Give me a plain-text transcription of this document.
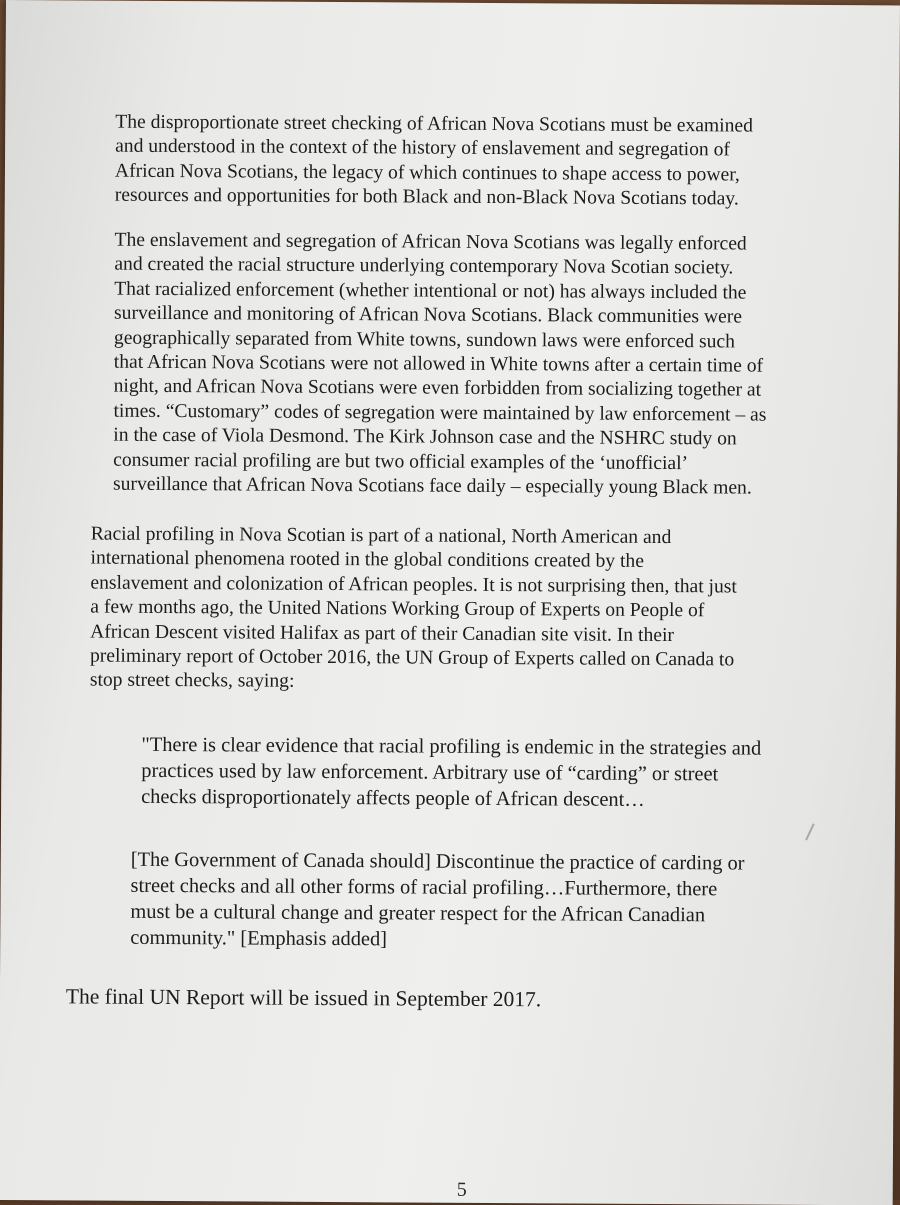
The disproportionate street checking of African Nova Scotians must be examined
and understood in the context of the history of enslavement and segregation of
African Nova Scotians, the legacy of which continues to shape access to power,
resources and opportunities for both Black and non-Black Nova Scotians today.
The enslavement and segregation of African Nova Scotians was legally enforced
and created the racial structure underlying contemporary Nova Scotian society.
That racialized enforcement (whether intentional or not) has always included the
surveillance and monitoring of African Nova Scotians. Black communities were
geographically separated from White towns, sundown laws were enforced such
that African Nova Scotians were not allowed in White towns after a certain time of
night, and African Nova Scotians were even forbidden from socializing together at
times. “Customary” codes of segregation were maintained by law enforcement – as
in the case of Viola Desmond. The Kirk Johnson case and the NSHRC study on
consumer racial profiling are but two official examples of the ‘unofficial’
surveillance that African Nova Scotians face daily – especially young Black men.
Racial profiling in Nova Scotian is part of a national, North American and
international phenomena rooted in the global conditions created by the
enslavement and colonization of African peoples. It is not surprising then, that just
a few months ago, the United Nations Working Group of Experts on People of
African Descent visited Halifax as part of their Canadian site visit. In their
preliminary report of October 2016, the UN Group of Experts called on Canada to
stop street checks, saying:
"There is clear evidence that racial profiling is endemic in the strategies and
practices used by law enforcement. Arbitrary use of “carding” or street
checks disproportionately affects people of African descent…
[The Government of Canada should] Discontinue the practice of carding or
street checks and all other forms of racial profiling…Furthermore, there
must be a cultural change and greater respect for the African Canadian
community." [Emphasis added]
The final UN Report will be issued in September 2017.
5
